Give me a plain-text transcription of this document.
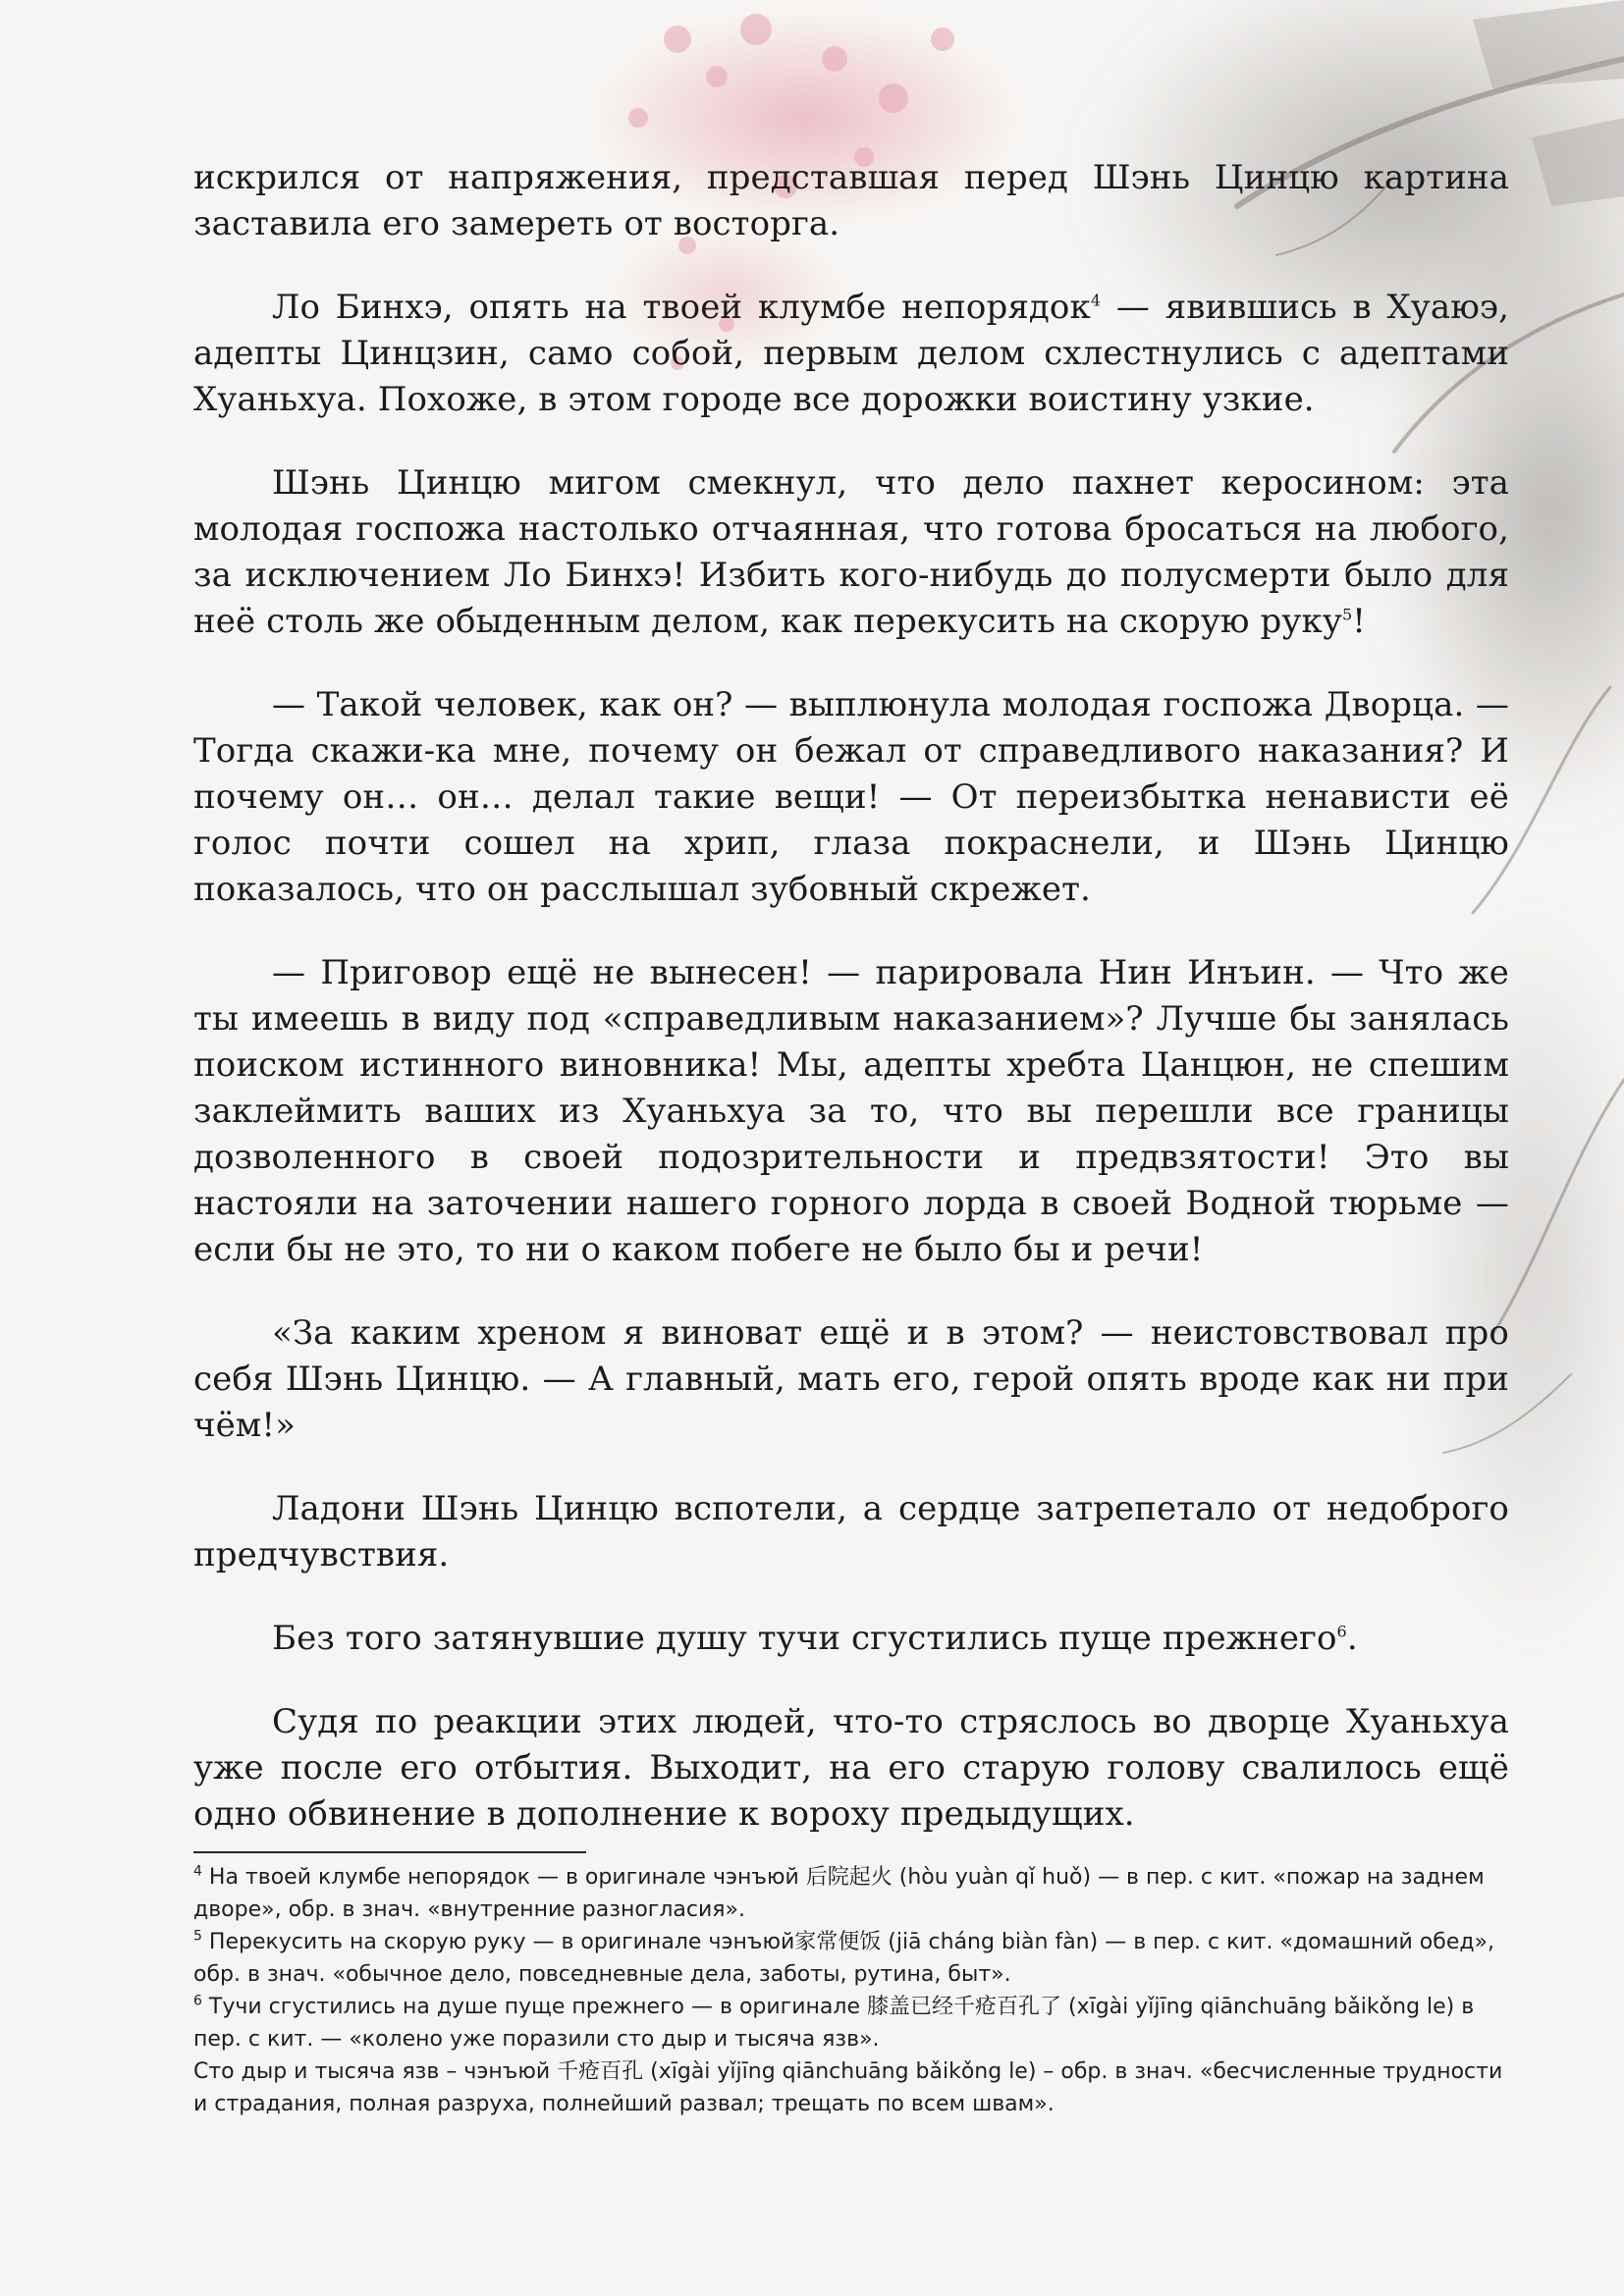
искрился от напряжения, представшая перед Шэнь Цинцю картина заставила его замереть от восторга.

Ло Бинхэ, опять на твоей клумбе непорядок$^4$ — явившись в Хуаюэ, адепты Цинцзин, само собой, первым делом схлестнулись с адептами Хуаньхуа. Похоже, в этом городе все дорожки воистину узкие.

Шэнь Цинцю мигом смекнул, что дело пахнет керосином: эта молодая госпожа настолько отчаянная, что готова бросаться на любого, за исключением Ло Бинхэ! Избить кого-нибудь до полусмерти было для неё столь же обыденным делом, как перекусить на скорую руку$^5$!

— Такой человек, как он? — выплюнула молодая госпожа Дворца. — Тогда скажи-ка мне, почему он бежал от справедливого наказания? И почему он… он… делал такие вещи! — От переизбытка ненависти её голос почти сошел на хрип, глаза покраснели, и Шэнь Цинцю показалось, что он расслышал зубовный скрежет.

— Приговор ещё не вынесен! — парировала Нин Инъин. — Что же ты имеешь в виду под «справедливым наказанием»? Лучше бы занялась поиском истинного виновника! Мы, адепты хребта Цанцюн, не спешим заклеймить ваших из Хуаньхуа за то, что вы перешли все границы дозволенного в своей подозрительности и предвзятости! Это вы настояли на заточении нашего горного лорда в своей Водной тюрьме — если бы не это, то ни о каком побеге не было бы и речи!

«За каким хреном я виноват ещё и в этом? — неистовствовал про себя Шэнь Цинцю. — А главный, мать его, герой опять вроде как ни при чём!»

Ладони Шэнь Цинцю вспотели, а сердце затрепетало от недоброго предчувствия.

Без того затянувшие душу тучи сгустились пуще прежнего$^6$.

Судя по реакции этих людей, что-то стряслось во дворце Хуаньхуа уже после его отбытия. Выходит, на его старую голову свалилось ещё одно обвинение в дополнение к вороху предыдущих.

$^4$ На твоей клумбе непорядок — в оригинале чэнъюй 后院起火 (hòu yuàn qǐ huǒ) — в пер. с кит. «пожар на заднем дворе», обр. в знач. «внутренние разногласия».

$^5$ Перекусить на скорую руку — в оригинале чэнъюй家常便饭 (jiā cháng biàn fàn) — в пер. с кит. «домашний обед», обр. в знач. «обычное дело, повседневные дела, заботы, рутина, быт».

$^6$ Тучи сгустились на душе пуще прежнего — в оригинале 膝盖已经千疮百孔了 (xīgài yǐjīng qiānchuāng bǎikǒng le) в пер. с кит. — «колено уже поразили сто дыр и тысяча язв».

Сто дыр и тысяча язв – чэнъюй 千疮百孔 (xīgài yǐjīng qiānchuāng bǎikǒng le) – обр. в знач. «бесчисленные трудности и страдания, полная разруха, полнейший развал; трещать по всем швам».
